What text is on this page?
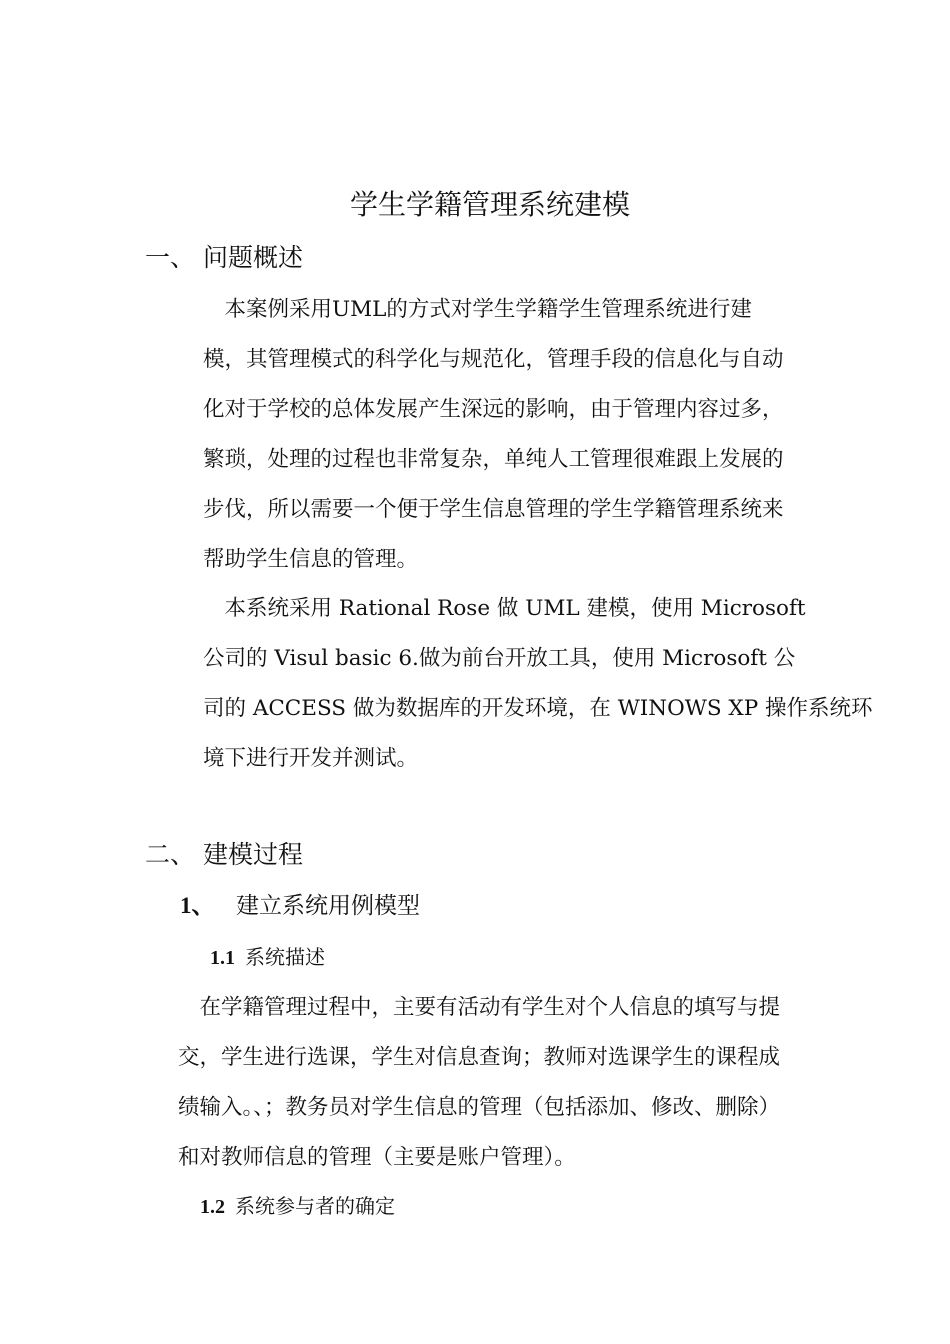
学生学籍管理系统建模
一、 问题概述
　本案例采用UML的方式对学生学籍学生管理系统进行建
模，其管理模式的科学化与规范化，管理手段的信息化与自动
化对于学校的总体发展产生深远的影响，由于管理内容过多，
繁琐，处理的过程也非常复杂，单纯人工管理很难跟上发展的
步伐，所以需要一个便于学生信息管理的学生学籍管理系统来
帮助学生信息的管理。
　本系统采用 Rational Rose 做 UML 建模，使用 Microsoft
公司的 Visul basic 6.做为前台开放工具，使用 Microsoft 公
司的 ACCESS 做为数据库的开发环境，在 WINOWS XP 操作系统环
境下进行开发并测试。
二、 建模过程
1、 建立系统用例模型
1.1 系统描述
　在学籍管理过程中，主要有活动有学生对个人信息的填写与提
交，学生进行选课，学生对信息查询；教师对选课学生的课程成
绩输入。、；教务员对学生信息的管理（包括添加、修改、删除）
和对教师信息的管理（主要是账户管理）。
1.2 系统参与者的确定
